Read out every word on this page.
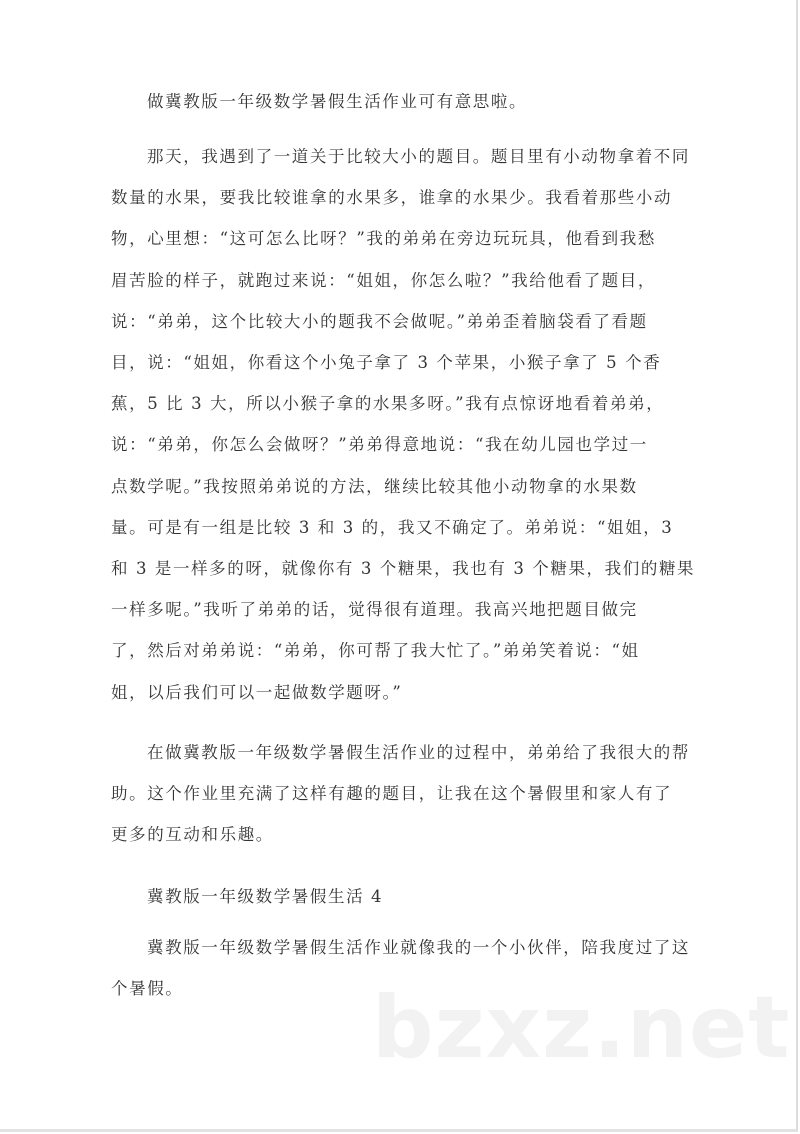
做冀教版一年级数学暑假生活作业可有意思啦。
那天，我遇到了一道关于比较大小的题目。题目里有小动物拿着不同
数量的水果，要我比较谁拿的水果多，谁拿的水果少。我看着那些小动
物，心里想：“这可怎么比呀？”我的弟弟在旁边玩玩具，他看到我愁
眉苦脸的样子，就跑过来说：“姐姐，你怎么啦？”我给他看了题目，
说：“弟弟，这个比较大小的题我不会做呢。”弟弟歪着脑袋看了看题
目，说：“姐姐，你看这个小兔子拿了 3 个苹果，小猴子拿了 5 个香
蕉，5 比 3 大，所以小猴子拿的水果多呀。”我有点惊讶地看着弟弟，
说：“弟弟，你怎么会做呀？”弟弟得意地说：“我在幼儿园也学过一
点数学呢。”我按照弟弟说的方法，继续比较其他小动物拿的水果数
量。可是有一组是比较 3 和 3 的，我又不确定了。弟弟说：“姐姐，3
和 3 是一样多的呀，就像你有 3 个糖果，我也有 3 个糖果，我们的糖果
一样多呢。”我听了弟弟的话，觉得很有道理。我高兴地把题目做完
了，然后对弟弟说：“弟弟，你可帮了我大忙了。”弟弟笑着说：“姐
姐，以后我们可以一起做数学题呀。”
在做冀教版一年级数学暑假生活作业的过程中，弟弟给了我很大的帮
助。这个作业里充满了这样有趣的题目，让我在这个暑假里和家人有了
更多的互动和乐趣。
冀教版一年级数学暑假生活 4
冀教版一年级数学暑假生活作业就像我的一个小伙伴，陪我度过了这
个暑假。 bzxz.net
